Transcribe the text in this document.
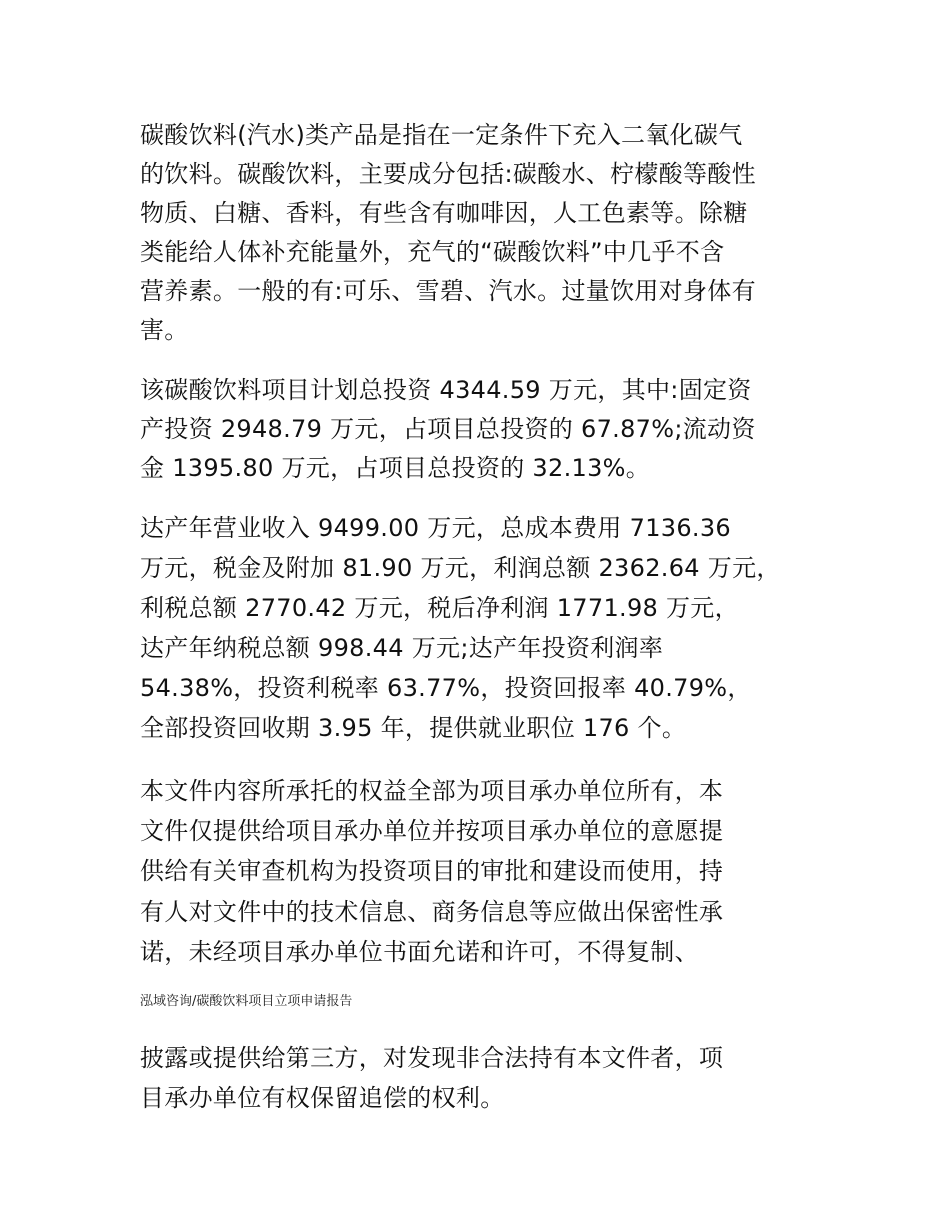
碳酸饮料(汽水)类产品是指在一定条件下充入二氧化碳气
的饮料。碳酸饮料，主要成分包括:碳酸水、柠檬酸等酸性
物质、白糖、香料，有些含有咖啡因，人工色素等。除糖
类能给人体补充能量外，充气的“碳酸饮料”中几乎不含
营养素。一般的有:可乐、雪碧、汽水。过量饮用对身体有
害。
该碳酸饮料项目计划总投资 4344.59 万元，其中:固定资
产投资 2948.79 万元，占项目总投资的 67.87%;流动资
金 1395.80 万元，占项目总投资的 32.13%。
达产年营业收入 9499.00 万元，总成本费用 7136.36
万元，税金及附加 81.90 万元，利润总额 2362.64 万元，
利税总额 2770.42 万元，税后净利润 1771.98 万元，
达产年纳税总额 998.44 万元;达产年投资利润率
54.38%，投资利税率 63.77%，投资回报率 40.79%，
全部投资回收期 3.95 年，提供就业职位 176 个。
本文件内容所承托的权益全部为项目承办单位所有，本
文件仅提供给项目承办单位并按项目承办单位的意愿提
供给有关审查机构为投资项目的审批和建设而使用，持
有人对文件中的技术信息、商务信息等应做出保密性承
诺，未经项目承办单位书面允诺和许可，不得复制、
泓域咨询/碳酸饮料项目立项申请报告
披露或提供给第三方，对发现非合法持有本文件者，项
目承办单位有权保留追偿的权利。
